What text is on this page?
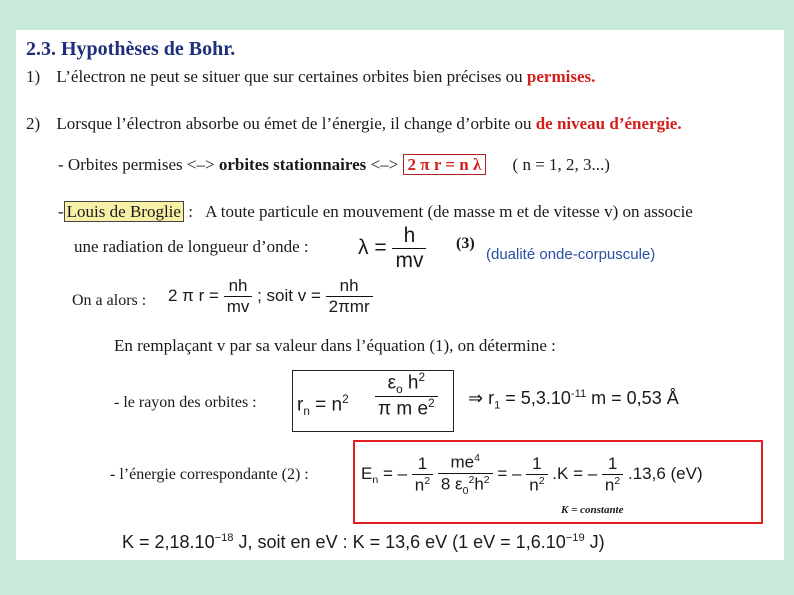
2.3. Hypothèses de Bohr.
1) L’électron ne peut se situer que sur certaines orbites bien précises ou permises.
2) Lorsque l’électron absorbe ou émet de l’énergie, il change d’orbite ou de niveau d’énergie.
- Orbites permises <–> orbites stationnaires <–> 2 π r = n λ ( n = 1, 2, 3...)
- Louis de Broglie : A toute particule en mouvement (de masse m et de vitesse v) on associe
une radiation de longueur d’onde : $\lambda = \frac{h}{mv} (3)$
(dualité onde-corpuscule)
On a alors : 2 π $r = \frac{nh}{mv}$ ; soit $v = \frac{nh}{\text{2πmr}}$
En remplaçant v par sa valeur dans l’équation (1), on détermine :
- le rayon des orbites : $r_n = n^2 \frac{\varepsilon_o h^2}{\pi m e^2}$ ⇒ $r_1 = 5,3.10^{-11}$ m = 0,53 Å
- l’énergie correspondante (2) :	$E_n$ = – $\frac{1}{n^2}$
$\frac{me^4}{8 \varepsilon_0^2h^2}$ = – $\frac{1}{n^2} .K$ = – $\frac{1}{n^2} .13,6$ (eV)
K = constante
$K = 2,18.10^{-18}$ J, soit en eV : K = 13,6 eV (1 eV = $1,6.10^{-19}$ J)
